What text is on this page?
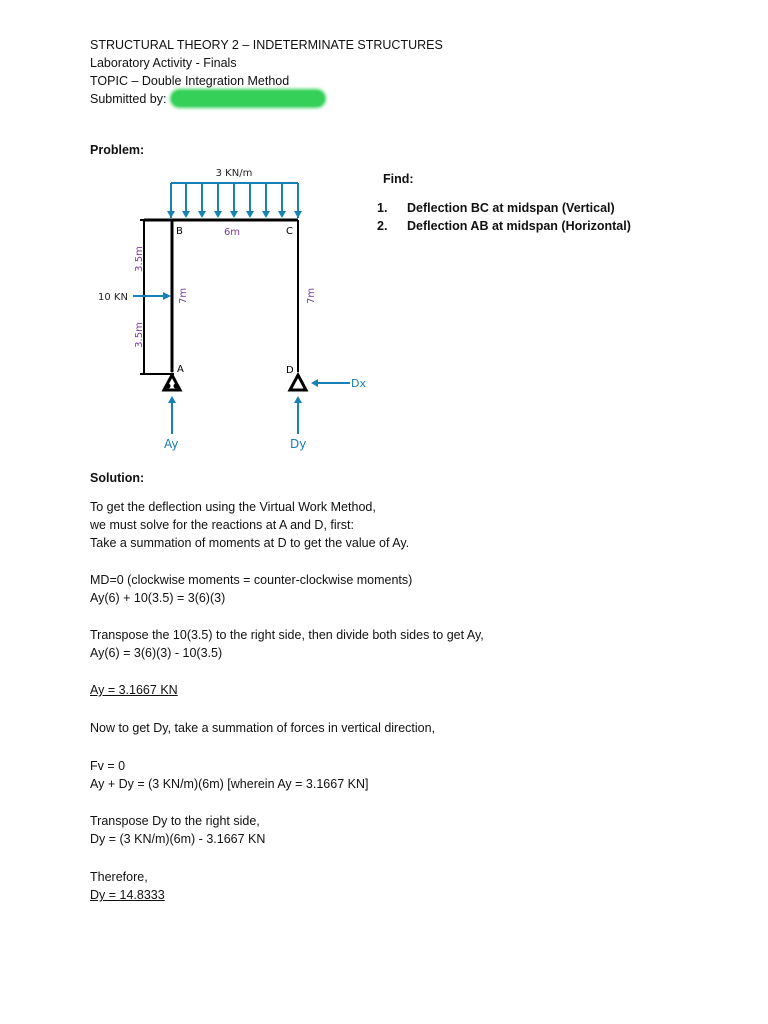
STRUCTURAL THEORY 2 – INDETERMINATE STRUCTURES
Laboratory Activity - Finals
TOPIC – Double Integration Method
Submitted by:
Problem:
Find:
1.	Deflection BC at midspan (Vertical)
2.	Deflection AB at midspan (Horizontal)
3 KN/m
3.5m
3.5m
7m	7m
6m
B	C
A	D
10 KN
Ay	Dy
Dx
Solution:
To get the deflection using the Virtual Work Method,
we must solve for the reactions at A and D, first:
Take a summation of moments at D to get the value of Ay.
MD=0 (clockwise moments = counter-clockwise moments)
Ay(6) + 10(3.5) = 3(6)(3)
Transpose the 10(3.5) to the right side, then divide both sides to get Ay,
Ay(6) = 3(6)(3) - 10(3.5)
Ay = 3.1667 KN
Now to get Dy, take a summation of forces in vertical direction,
Fv = 0
Ay + Dy = (3 KN/m)(6m) [wherein Ay = 3.1667 KN]
Transpose Dy to the right side,
Dy = (3 KN/m)(6m) - 3.1667 KN
Therefore,
Dy = 14.8333
